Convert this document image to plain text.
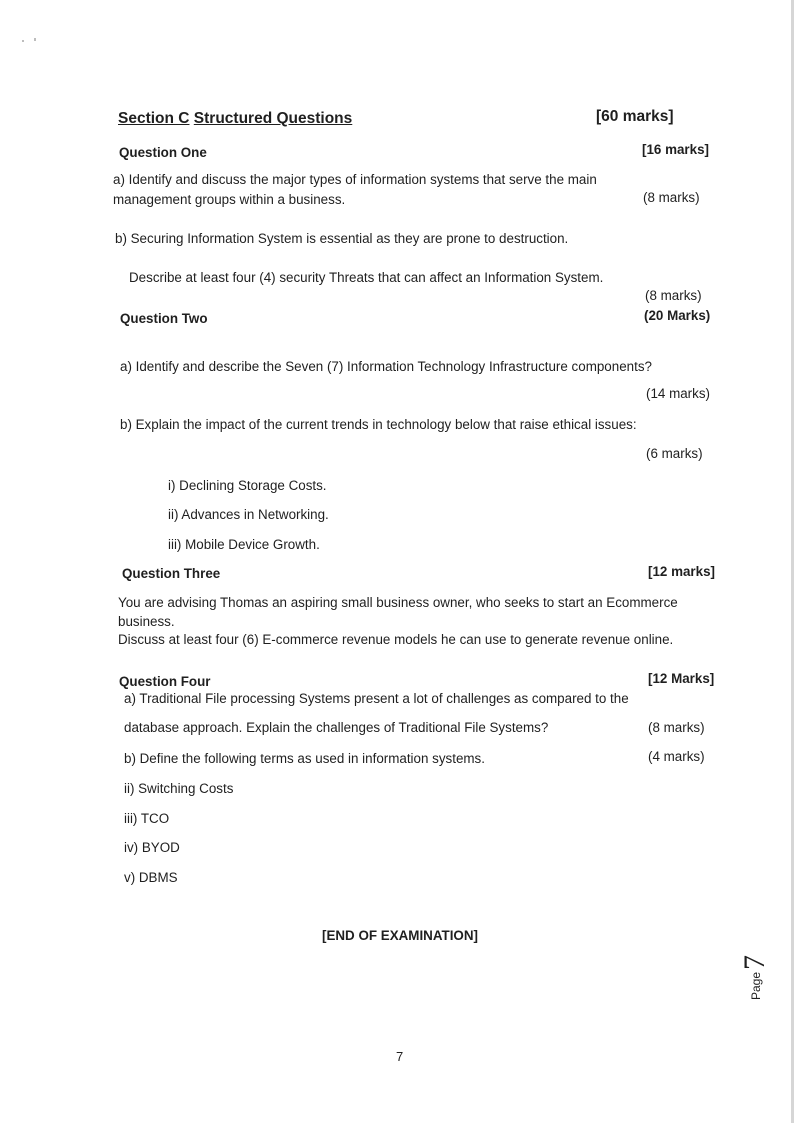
Section C Structured Questions	[60 marks]
Question One	[16 marks]
a) Identify and discuss the major types of information systems that serve the main
management groups within a business.	(8 marks)
b) Securing Information System is essential as they are prone to destruction.
Describe at least four (4) security Threats that can affect an Information System.
(8 marks)
Question Two	(20 Marks)
a) Identify and describe the Seven (7) Information Technology Infrastructure components?
(14 marks)
b) Explain the impact of the current trends in technology below that raise ethical issues:
(6 marks)
i) Declining Storage Costs.
ii) Advances in Networking.
iii) Mobile Device Growth.
Question Three	[12 marks]
You are advising Thomas an aspiring small business owner, who seeks to start an Ecommerce
business.
Discuss at least four (6) E-commerce revenue models he can use to generate revenue online.
Question Four	[12 Marks]
a) Traditional File processing Systems present a lot of challenges as compared to the
database approach. Explain the challenges of Traditional File Systems?	(8 marks)
b) Define the following terms as used in information systems.	(4 marks)
ii) Switching Costs
iii) TCO
iv) BYOD
v) DBMS
[END OF EXAMINATION]
7
Page7
